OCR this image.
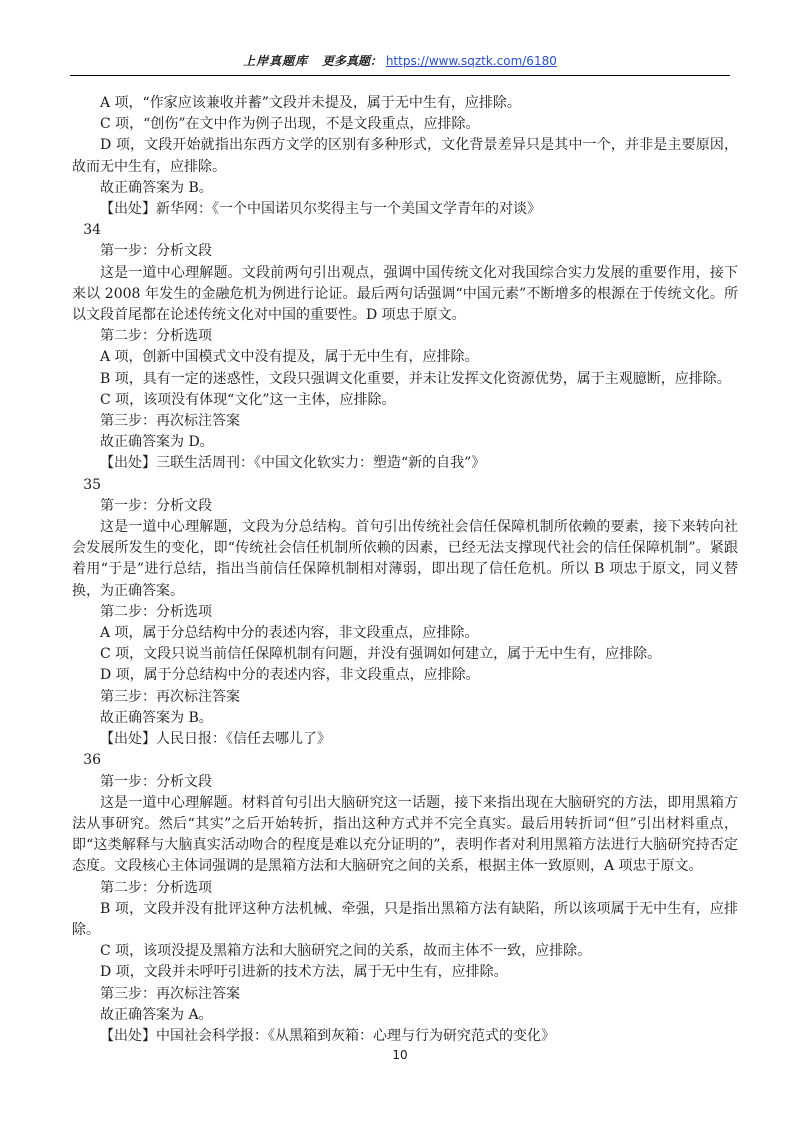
上岸真题库 更多真题： https://www.sqztk.com/6180

A 项，“作家应该兼收并蓄”文段并未提及，属于无中生有，应排除。

C 项，“创伤”在文中作为例子出现，不是文段重点，应排除。

D 项，文段开始就指出东西方文学的区别有多种形式，文化背景差异只是其中一个，并非是主要原因，故而无中生有，应排除。

故正确答案为 B。

【出处】新华网：《一个中国诺贝尔奖得主与一个美国文学青年的对谈》

34

第一步：分析文段

这是一道中心理解题。文段前两句引出观点，强调中国传统文化对我国综合实力发展的重要作用，接下来以 2008 年发生的金融危机为例进行论证。最后两句话强调“中国元素”不断增多的根源在于传统文化。所以文段首尾都在论述传统文化对中国的重要性。D 项忠于原文。

第二步：分析选项

A 项，创新中国模式文中没有提及，属于无中生有，应排除。

B 项，具有一定的迷惑性，文段只强调文化重要，并未让发挥文化资源优势，属于主观臆断，应排除。

C 项，该项没有体现“文化”这一主体，应排除。

第三步：再次标注答案

故正确答案为 D。

【出处】三联生活周刊：《中国文化软实力：塑造“新的自我”》

35

第一步：分析文段

这是一道中心理解题，文段为分总结构。首句引出传统社会信任保障机制所依赖的要素，接下来转向社会发展所发生的变化，即“传统社会信任机制所依赖的因素，已经无法支撑现代社会的信任保障机制”。紧跟着用“于是”进行总结，指出当前信任保障机制相对薄弱，即出现了信任危机。所以 B 项忠于原文，同义替换，为正确答案。

第二步：分析选项

A 项，属于分总结构中分的表述内容，非文段重点，应排除。

C 项，文段只说当前信任保障机制有问题，并没有强调如何建立，属于无中生有，应排除。

D 项，属于分总结构中分的表述内容，非文段重点，应排除。

第三步：再次标注答案

故正确答案为 B。

【出处】人民日报：《信任去哪儿了》

36

第一步：分析文段

这是一道中心理解题。材料首句引出大脑研究这一话题，接下来指出现在大脑研究的方法，即用黑箱方法从事研究。然后“其实”之后开始转折，指出这种方式并不完全真实。最后用转折词“但”引出材料重点，即“这类解释与大脑真实活动吻合的程度是难以充分证明的”，表明作者对利用黑箱方法进行大脑研究持否定态度。文段核心主体词强调的是黑箱方法和大脑研究之间的关系，根据主体一致原则，A 项忠于原文。

第二步：分析选项

B 项，文段并没有批评这种方法机械、牵强，只是指出黑箱方法有缺陷，所以该项属于无中生有，应排除。

C 项，该项没提及黑箱方法和大脑研究之间的关系，故而主体不一致，应排除。

D 项，文段并未呼吁引进新的技术方法，属于无中生有，应排除。

第三步：再次标注答案

故正确答案为 A。

【出处】中国社会科学报：《从黑箱到灰箱：心理与行为研究范式的变化》

10
